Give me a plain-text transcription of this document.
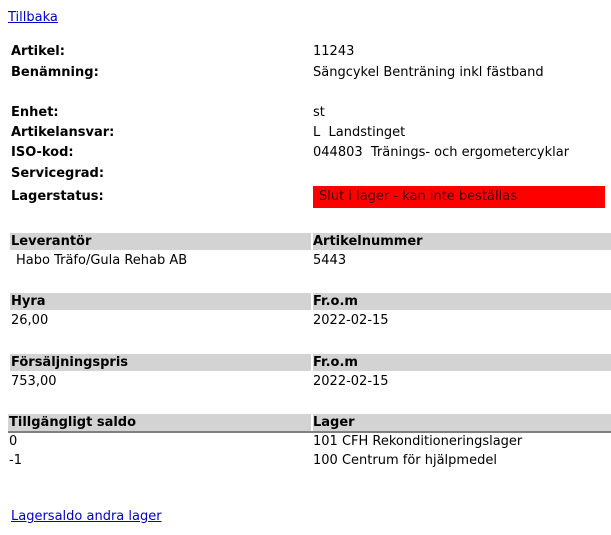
Tillbaka
Artikel:	11243
Benämning:	Sängcykel Benträning inkl fästband
Enhet:	st
Artikelansvar:	L  Landstinget
ISO-kod:	044803  Tränings- och ergometercyklar
Servicegrad:
Lagerstatus:	Slut i lager - kan inte beställas
Leverantör	Artikelnummer
Habo Träfo/Gula Rehab AB	5443
Hyra	Fr.o.m
26,00	2022-02-15
Försäljningspris	Fr.o.m
753,00	2022-02-15
Tillgängligt saldo	Lager
0	101 CFH Rekonditioneringslager
-1	100 Centrum för hjälpmedel
Lagersaldo andra lager
